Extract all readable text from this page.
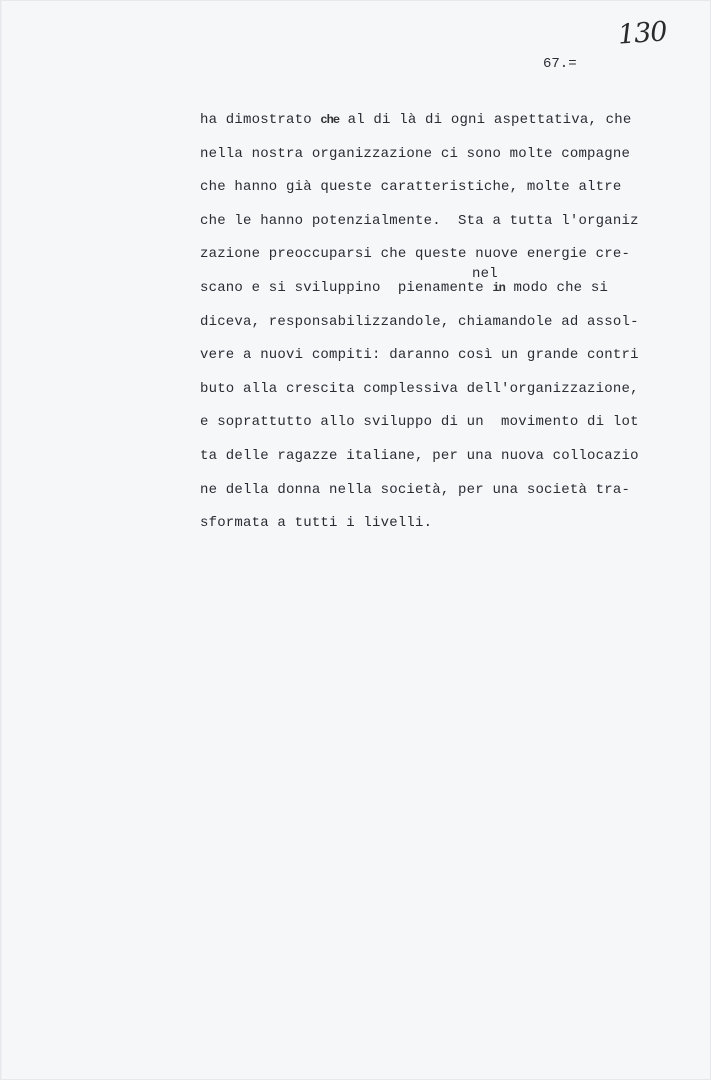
130
67.=
ha dimostrato che al di là di ogni aspettativa, che
nella nostra organizzazione ci sono molte compagne
che hanno già queste caratteristiche, molte altre
che le hanno potenzialmente.  Sta a tutta l'organiz
zazione preoccuparsi che queste nuove energie cre-
scano e si sviluppino  pienamente
nel
in modo che si
diceva, responsabilizzandole, chiamandole ad assol-
vere a nuovi compiti: daranno così un grande contri
buto alla crescita complessiva dell'organizzazione,
e soprattutto allo sviluppo di un  movimento di lot
ta delle ragazze italiane, per una nuova collocazio
ne della donna nella società, per una società tra-
sformata a tutti i livelli.
